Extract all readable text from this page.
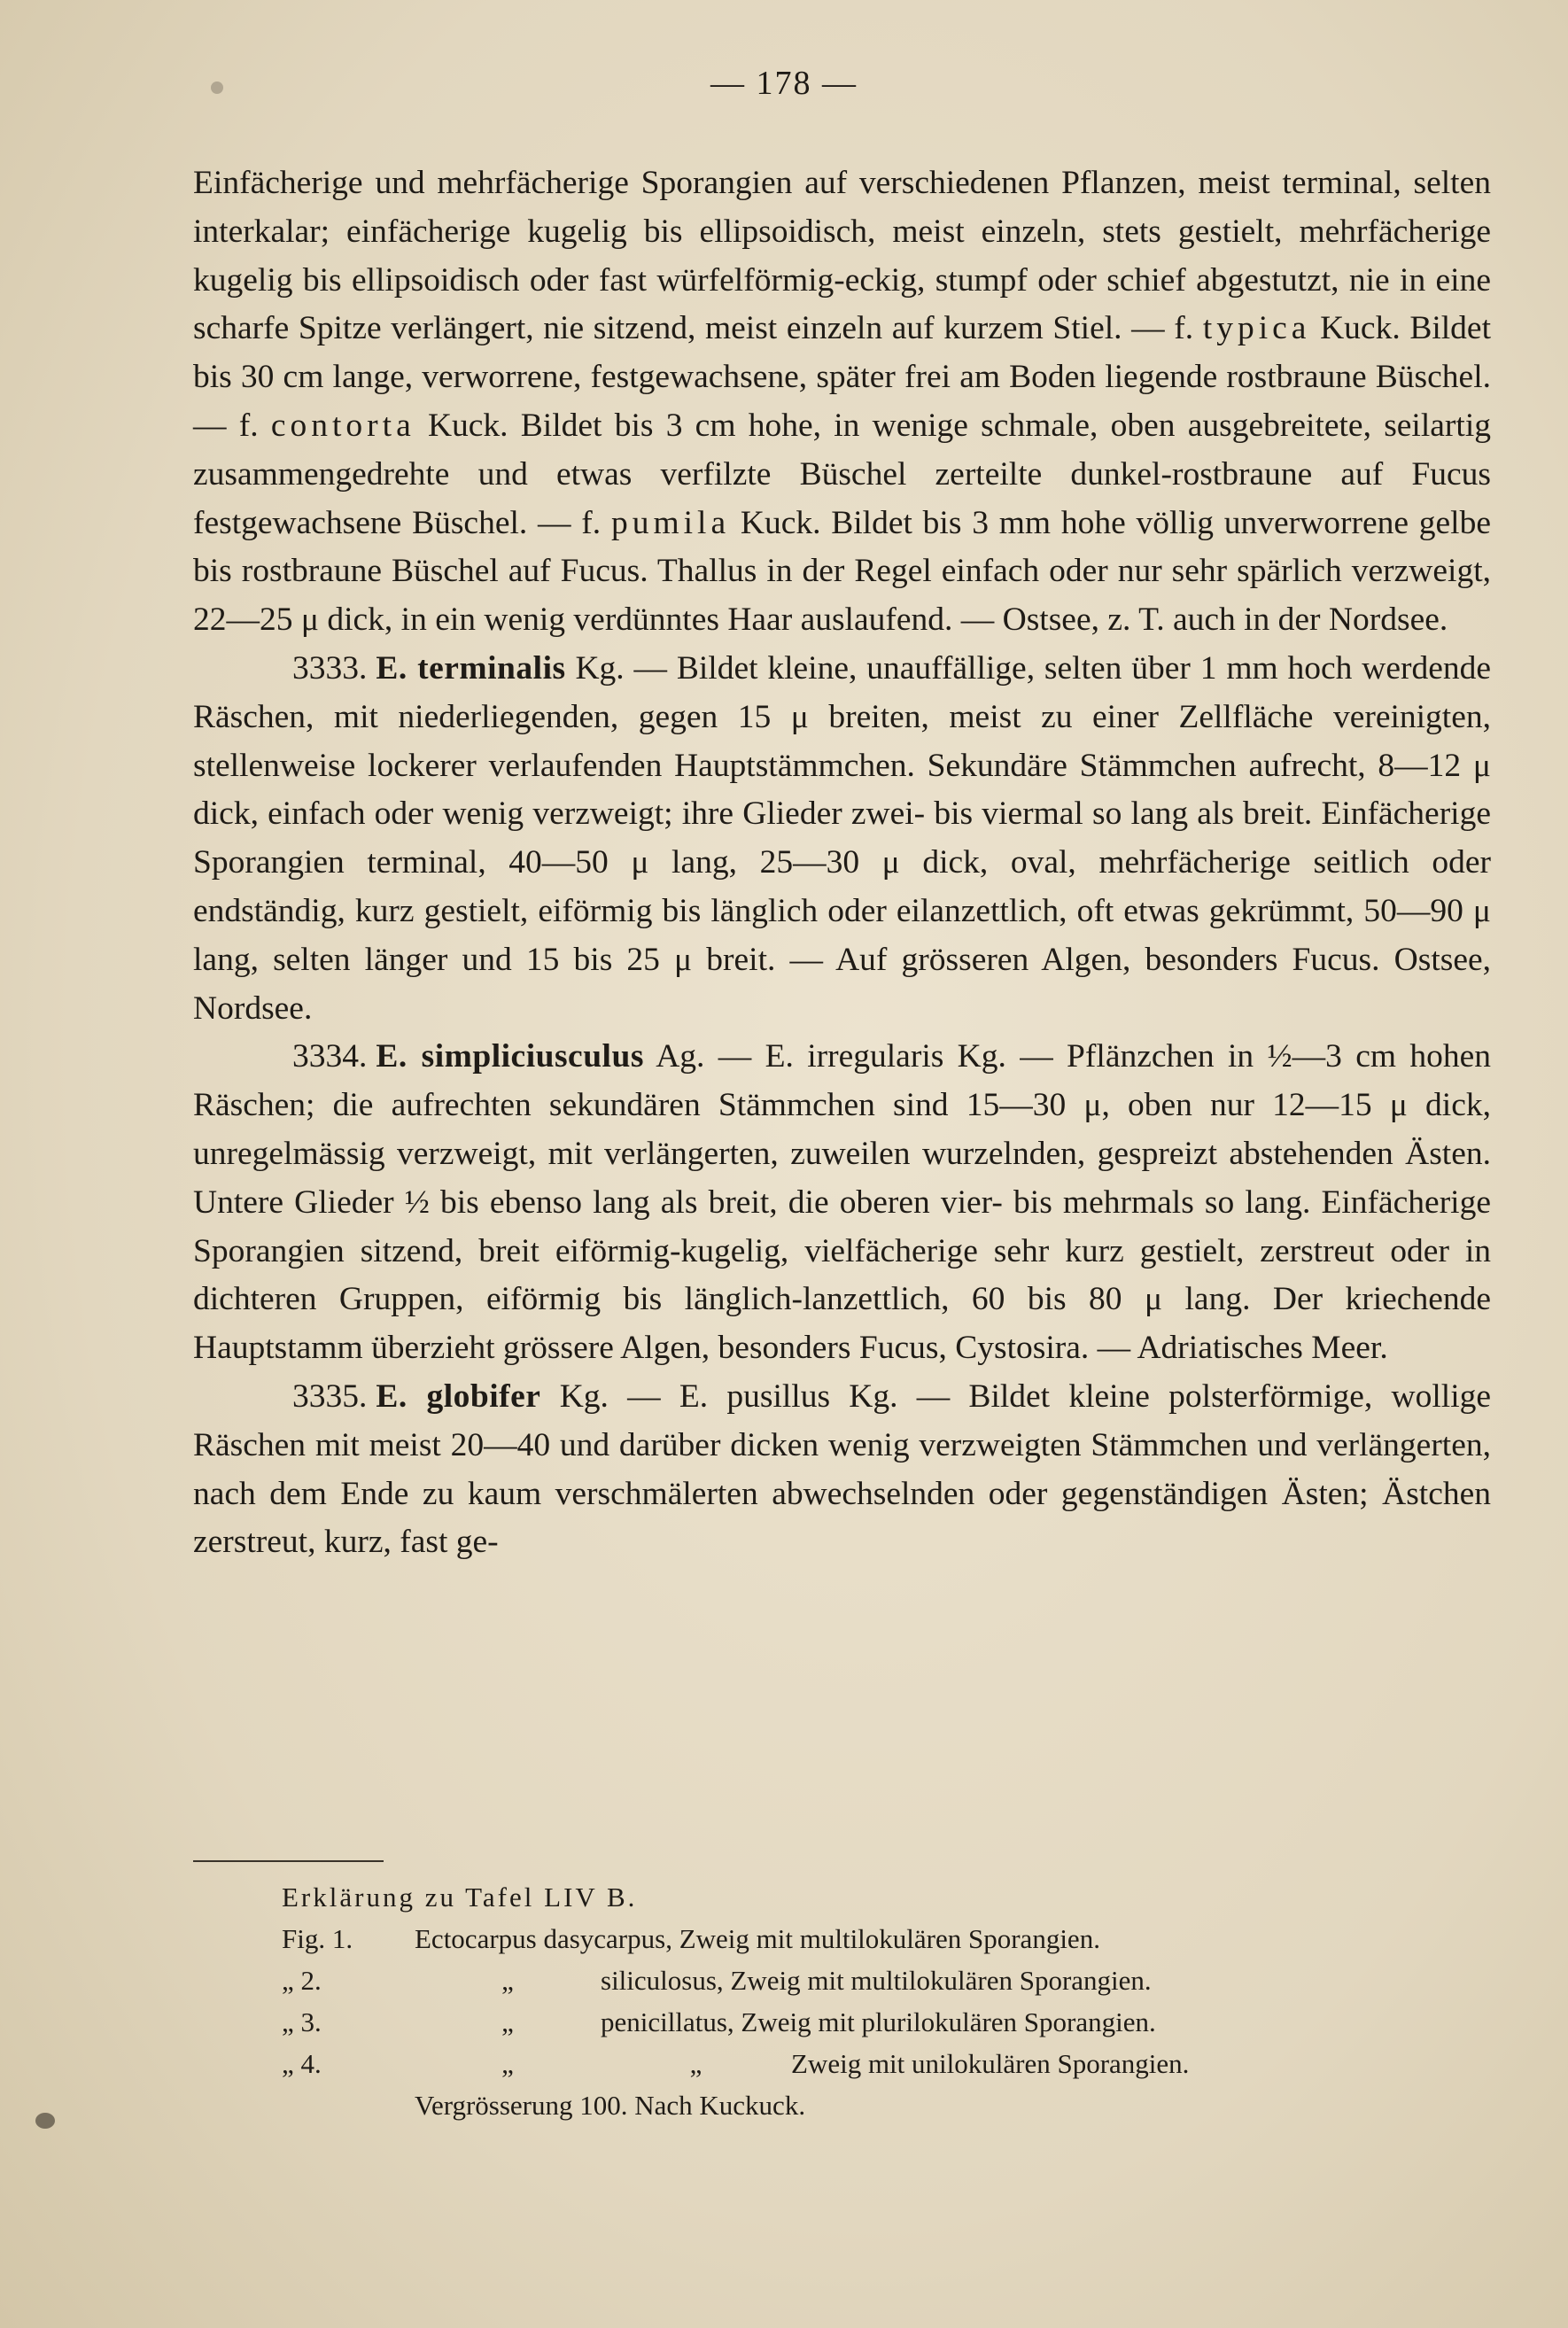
— 178 —

Einfächerige und mehrfächerige Sporangien auf verschiedenen Pflanzen, meist terminal, selten interkalar; einfächerige kugelig bis ellipsoidisch, meist einzeln, stets gestielt, mehrfächerige kugelig bis ellipsoidisch oder fast würfelförmig-eckig, stumpf oder schief abgestutzt, nie in eine scharfe Spitze verlängert, nie sitzend, meist einzeln auf kurzem Stiel. — f. typica Kuck. Bildet bis 30 cm lange, verworrene, festgewachsene, später frei am Boden liegende rostbraune Büschel. — f. contorta Kuck. Bildet bis 3 cm hohe, in wenige schmale, oben ausgebreitete, seilartig zusammengedrehte und etwas verfilzte Büschel zerteilte dunkel-rostbraune auf Fucus festgewachsene Büschel. — f. pumila Kuck. Bildet bis 3 mm hohe völlig unverworrene gelbe bis rostbraune Büschel auf Fucus. Thallus in der Regel einfach oder nur sehr spärlich verzweigt, 22—25 μ dick, in ein wenig verdünntes Haar auslaufend. — Ostsee, z. T. auch in der Nordsee.

3333. E. terminalis Kg. — Bildet kleine, unauffällige, selten über 1 mm hoch werdende Räschen, mit niederliegenden, gegen 15 μ breiten, meist zu einer Zellfläche vereinigten, stellenweise lockerer verlaufenden Hauptstämmchen. Sekundäre Stämmchen aufrecht, 8—12 μ dick, einfach oder wenig verzweigt; ihre Glieder zwei- bis viermal so lang als breit. Einfächerige Sporangien terminal, 40—50 μ lang, 25—30 μ dick, oval, mehrfächerige seitlich oder endständig, kurz gestielt, eiförmig bis länglich oder eilanzettlich, oft etwas gekrümmt, 50—90 μ lang, selten länger und 15 bis 25 μ breit. — Auf grösseren Algen, besonders Fucus. Ostsee, Nordsee.

3334. E. simpliciusculus Ag. — E. irregularis Kg. — Pflänzchen in ½—3 cm hohen Räschen; die aufrechten sekundären Stämmchen sind 15—30 μ, oben nur 12—15 μ dick, unregelmässig verzweigt, mit verlängerten, zuweilen wurzelnden, gespreizt abstehenden Ästen. Untere Glieder ½ bis ebenso lang als breit, die oberen vier- bis mehrmals so lang. Einfächerige Sporangien sitzend, breit eiförmig-kugelig, vielfächerige sehr kurz gestielt, zerstreut oder in dichteren Gruppen, eiförmig bis länglich-lanzettlich, 60 bis 80 μ lang. Der kriechende Hauptstamm überzieht grössere Algen, besonders Fucus, Cystosira. — Adriatisches Meer.

3335. E. globifer Kg. — E. pusillus Kg. — Bildet kleine polsterförmige, wollige Räschen mit meist 20—40 und darüber dicken wenig verzweigten Stämmchen und verlängerten, nach dem Ende zu kaum verschmälerten abwechselnden oder gegenständigen Ästen; Ästchen zerstreut, kurz, fast ge-

Erklärung zu Tafel LIV B.
Fig. 1.	Ectocarpus dasycarpus, Zweig mit multilokulären Sporangien.
„ 2.	„	siliculosus, Zweig mit multilokulären Sporangien.
„ 3.	„	penicillatus, Zweig mit plurilokulären Sporangien.
„ 4.	„	„	Zweig mit unilokulären Sporangien.
Vergrösserung 100. Nach Kuckuck.
